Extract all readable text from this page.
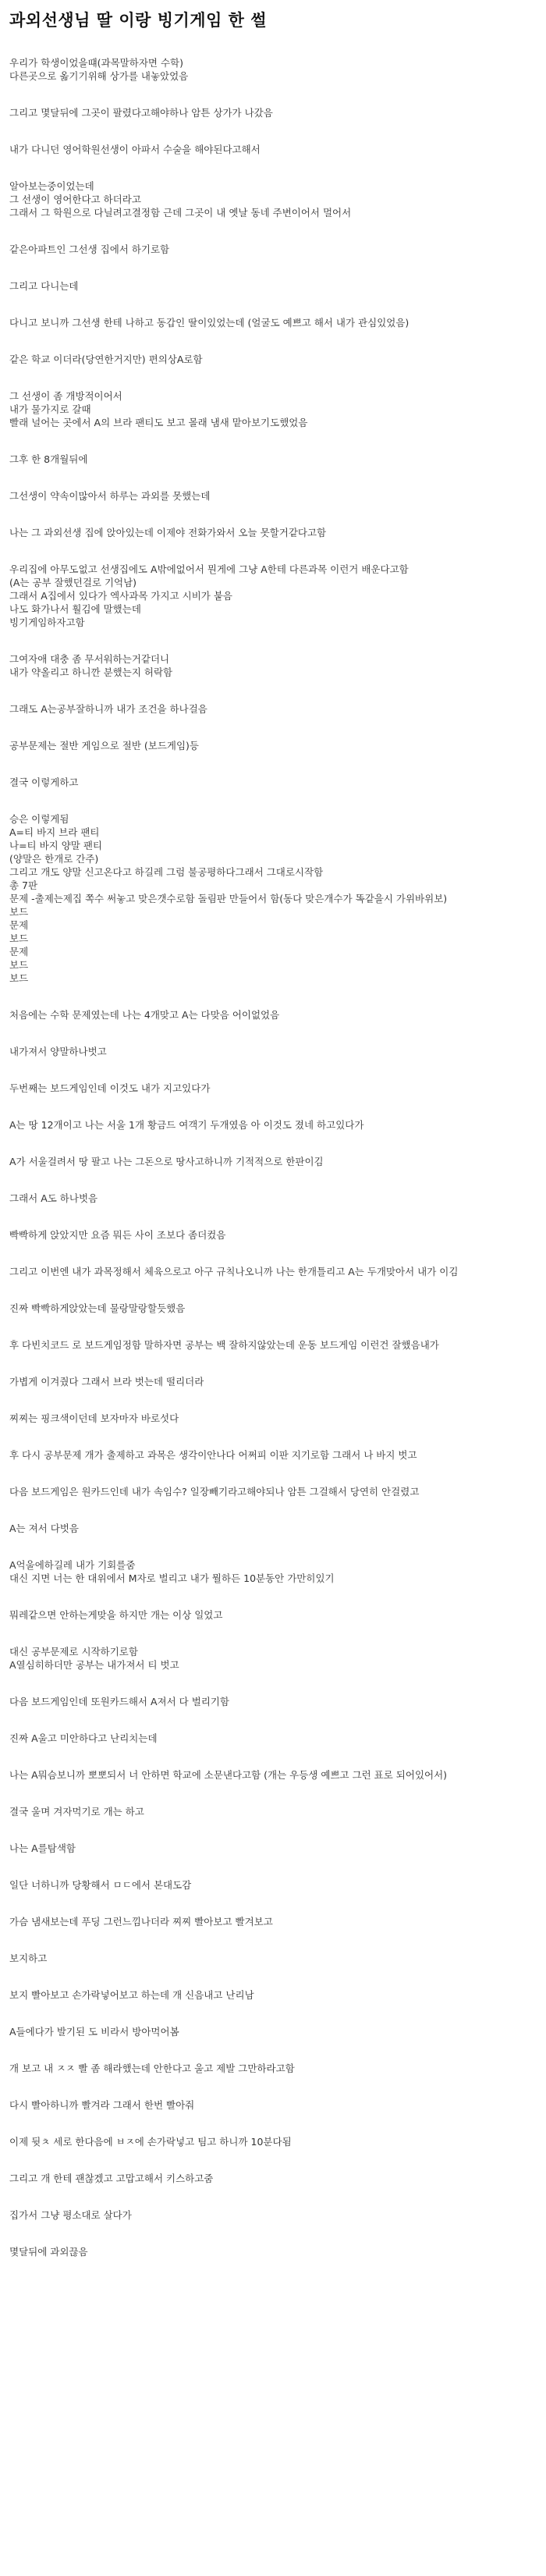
과외선생님 딸 이랑 빙기게임 한 썰

우리가 학생이었을떄(과목말하자면 수학)
다른곳으로 옮기기위해 상가를 내놓았었음

그리고 몇달뒤에 그곳이 팔렸다고해야하나 암튼 상가가 나갔음

내가 다니던 영어학원선생이 아파서 수술을 해야된다고해서

알아보는중이었는데
그 선생이 영어한다고 하더라고
그래서 그 학원으로 다닐려고결정함 근데 그곳이 내 옛날 동네 주변이어서 멀어서

같은아파트인 그선생 집에서 하기로함

그리고 다니는데

다니고 보니까 그선생 한테 나하고 동갑인 딸이있었는데 (얼굴도 예쁘고 해서 내가 관심있었음)

같은 학교 이더라(당연한거지만) 편의상A로함

그 선생이 좀 개방적이어서
내가 물가지로 갈때
빨래 널어는 곳에서 A의 브라 팬티도 보고 몰래 냄새 맡아보기도했었음

그후 한 8개월뒤에

그선생이 약속이많아서 하루는 과외를 못했는데

나는 그 과외선생 집에 앉아있는데 이제야 전화가와서 오늘 못할거같다고함

우리집에 아무도없고 선생집에도 A밖에없어서 뭔게에 그냥 A한테 다른과목 이런거 배운다고함
(A는 공부 잘했던걸로 기억남)
그래서 A집에서 있다가 엑사과목 가지고 시비가 붙음
나도 화가나서 훨김에 말했는데
빙기게임하자고함

그여자애 대충 좀 무서워하는거같더니
내가 약올리고 하니깐 분했는지 허락함

그래도 A는공부잘하니까 내가 조건을 하나걸음

공부문제는 절반 게임으로 절반 (보드게임)등

결국 이렇게하고

승은 이렇게됨
A=티 바지 브라 팬티
나=티 바지 양말 팬티
(양말은 한개로 간주)
그리고 개도 양말 신고온다고 하길레 그럼 불공평하다그래서 그대로시작함
총 7판
문제 -출제는제집 쪽수 써놓고 맞은갯수로함 돌림판 만들어서 함(동다 맞은개수가 똑같을시 가위바위보)
보드
문제
보드
문제
보드
보드

처음에는 수학 문제였는데 나는 4개맞고 A는 다맞음 어이없었음

내가져서 양말하나벗고

두번째는 보드게임인데 이것도 내가 지고있다가

A는 땅 12개이고 나는 서울 1개 황금드 여객기 두개였음 아 이것도 졌네 하고있다가

A가 서울걸려서 땅 팔고 나는 그돈으로 땅사고하니까 기적적으로 한판이김

그래서 A도 하나벗음

빡빡하게 앉았지만 요즘 뭐든 사이 조보다 좀더컸음

그리고 이번엔 내가 과목정해서 체육으로고 아구 규칙나오니까 나는 한개틀리고 A는 두개맞아서 내가 이김

진짜 빡빡하게앉았는데 물랑말랑할듯했음

후 다빈치코드 로 보드게임정함 말하자면 공부는 백 잘하지않았는데 운동 보드게임 이런건 잘했음내가

가볍게 이겨줬다 그래서 브라 벗는데 떨리더라

찌찌는 핑크색이던데 보자마자 바로섯다

후 다시 공부문제 개가 출제하고 과목은 생각이안나다 어쩌피 이판 지기로함 그래서 나 바지 벗고

다음 보드게임은 원카드인데 내가 속임수? 일장빼기라고해야되나 암튼 그걸해서 당연히 안걸렸고

A는 져서 다벗음

A억울에하길레 내가 기회를줌
대신 지면 너는 한 대위에서 M자로 벌리고 내가 뭘하든 10분동안 가만히있기

뭐레같으면 안하는게맞을 하지만 개는 이상 일었고

대신 공부문제로 시작하기로함
A열심히하더만 공부는 내가져서 티 벗고

다음 보드게임인데 또원카드해서 A져서 다 벌리기함

진짜 A울고 미안하다고 난리치는데

나는 A뭐슴보니까 뽀뽀되서 너 안하면 학교에 소문낸다고함 (개는 우등생 예쁘고 그런 표로 되어있어서)

결국 울며 겨자먹기로 개는 하고

나는 A를탐색함

일단 너하니까 당황해서 ㅁㄷ에서 본대도감

가슴 냄새보는데 푸딩 그런느낌나더라 찌찌 빨아보고 빨겨보고

보지하고

보지 빨아보고 손가락넣어보고 하는데 개 신음내고 난리남

A들에다가 발기된 도 비라서 방아먹어봄

개 보고 내 ㅈㅈ 빨 좀 해라했는데 안한다고 울고 제발 그만하라고함

다시 빨아하니까 빨겨라 그래서 한번 빨아줘

이제 뒷ㅊ 세로 한다음에 ㅂㅈ에 손가락넣고 팀고 하니까 10분다됨

그리고 개 한테 괜찮겠고 고맙고해서 키스하고줌

집가서 그냥 평소대로 살다가

몇달뒤에 과외끊음
